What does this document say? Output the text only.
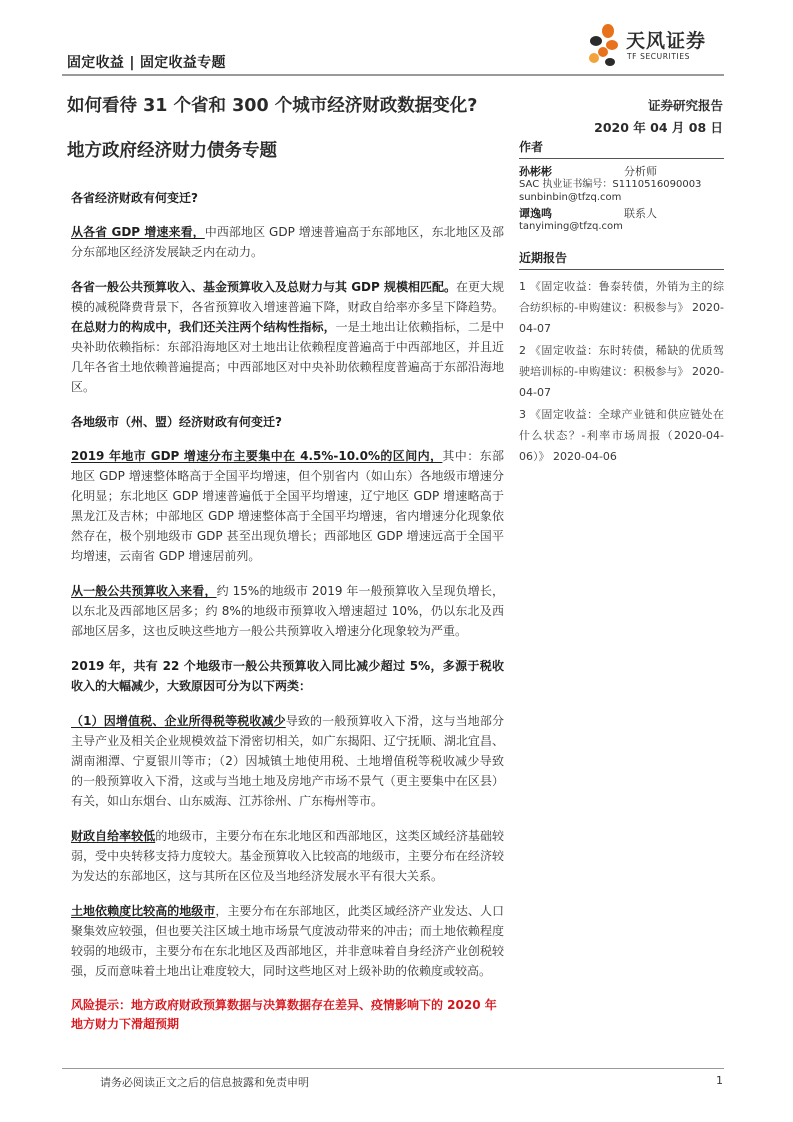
固定收益 | 固定收益专题
天风证券
TF SECURITIES
如何看待 31 个省和 300 个城市经济财政数据变化?
地方政府经济财力债务专题
证券研究报告
2020 年 04 月 08 日
作者
孙彬彬	分析师
SAC 执业证书编号：S1110516090003
sunbinbin@tfzq.com
谭逸鸣	联系人
tanyiming@tfzq.com
近期报告
1 《固定收益：鲁泰转债，外销为主的综合纺织标的-申购建议：积极参与》 2020-04-07
2 《固定收益：东时转债，稀缺的优质驾驶培训标的-申购建议：积极参与》 2020-04-07
3 《固定收益：全球产业链和供应链处在什么状态？-利率市场周报（2020-04-06）》 2020-04-06
各省经济财政有何变迁?
从各省 GDP 增速来看，中西部地区 GDP 增速普遍高于东部地区，东北地区及部分东部地区经济发展缺乏内在动力。
各省一般公共预算收入、基金预算收入及总财力与其 GDP 规模相匹配。在更大规模的减税降费背景下，各省预算收入增速普遍下降，财政自给率亦多呈下降趋势。在总财力的构成中，我们还关注两个结构性指标，一是土地出让依赖指标，二是中央补助依赖指标：东部沿海地区对土地出让依赖程度普遍高于中西部地区，并且近几年各省土地依赖普遍提高；中西部地区对中央补助依赖程度普遍高于东部沿海地区。
各地级市（州、盟）经济财政有何变迁?
2019 年地市 GDP 增速分布主要集中在 4.5%-10.0%的区间内，其中：东部地区 GDP 增速整体略高于全国平均增速，但个别省内（如山东）各地级市增速分化明显；东北地区 GDP 增速普遍低于全国平均增速，辽宁地区 GDP 增速略高于黑龙江及吉林；中部地区 GDP 增速整体高于全国平均增速，省内增速分化现象依然存在，极个别地级市 GDP 甚至出现负增长；西部地区 GDP 增速远高于全国平均增速，云南省 GDP 增速居前列。
从一般公共预算收入来看，约 15%的地级市 2019 年一般预算收入呈现负增长，以东北及西部地区居多；约 8%的地级市预算收入增速超过 10%，仍以东北及西部地区居多，这也反映这些地方一般公共预算收入增速分化现象较为严重。
2019 年，共有 22 个地级市一般公共预算收入同比减少超过 5%，多源于税收收入的大幅减少，大致原因可分为以下两类：
（1）因增值税、企业所得税等税收减少导致的一般预算收入下滑，这与当地部分主导产业及相关企业规模效益下滑密切相关，如广东揭阳、辽宁抚顺、湖北宜昌、湖南湘潭、宁夏银川等市；（2）因城镇土地使用税、土地增值税等税收减少导致的一般预算收入下滑，这或与当地土地及房地产市场不景气（更主要集中在区县）有关，如山东烟台、山东威海、江苏徐州、广东梅州等市。
财政自给率较低的地级市，主要分布在东北地区和西部地区，这类区域经济基础较弱，受中央转移支持力度较大。基金预算收入比较高的地级市，主要分布在经济较为发达的东部地区，这与其所在区位及当地经济发展水平有很大关系。
土地依赖度比较高的地级市，主要分布在东部地区，此类区域经济产业发达、人口聚集效应较强，但也要关注区域土地市场景气度波动带来的冲击；而土地依赖程度较弱的地级市，主要分布在东北地区及西部地区，并非意味着自身经济产业创税较强，反而意味着土地出让难度较大，同时这些地区对上级补助的依赖度或较高。
风险提示：地方政府财政预算数据与决算数据存在差异、疫情影响下的 2020 年地方财力下滑超预期
请务必阅读正文之后的信息披露和免责申明	1
